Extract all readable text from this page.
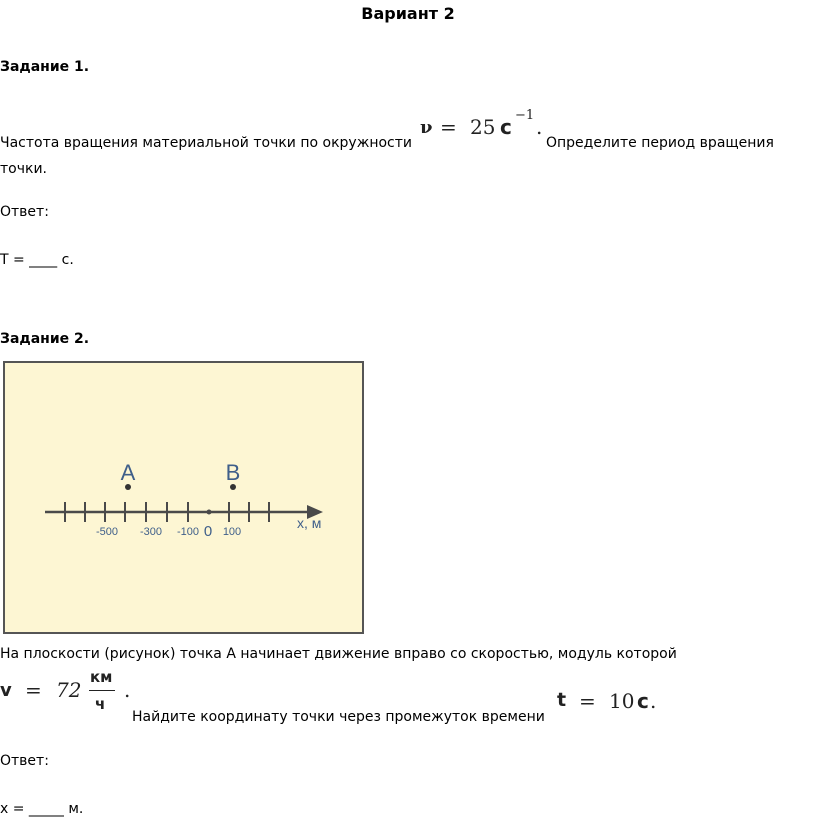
Вариант 2
Задание 1.
Частота вращения материальной точки по окружности
ν = 25 с −1 .
Определите период вращения
точки.
Ответ:
T = ____ с.
Задание 2.
A	B
-500 -300 -100 0 100
x, м
На плоскости (рисунок) точка А начинает движение вправо со скоростью, модуль которой
v = 72
км
ч
.
Найдите координату точки через промежуток времени
t = 10 с .
Ответ:
x = _____ м.
